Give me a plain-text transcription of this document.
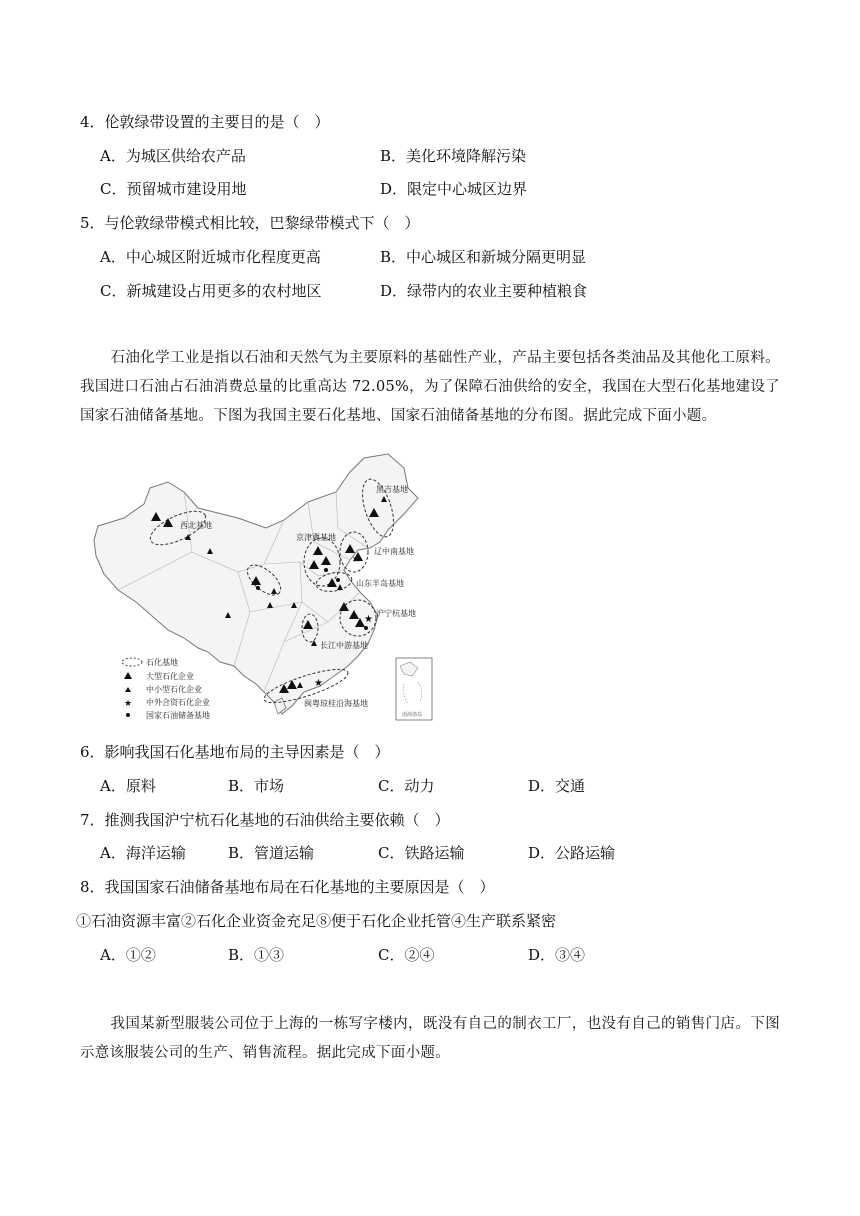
4．伦敦绿带设置的主要目的是（　）
A．为城区供给农产品	B．美化环境降解污染
C．预留城市建设用地	D．限定中心城区边界
5．与伦敦绿带模式相比较，巴黎绿带模式下（　）
A．中心城区附近城市化程度更高	B．中心城区和新城分隔更明显
C．新城建设占用更多的农村地区	D．绿带内的农业主要种植粮食
石油化学工业是指以石油和天然气为主要原料的基础性产业，产品主要包括各类油品及其他化工原料。我国进口石油占石油消费总量的比重高达 72.05%，为了保障石油供给的安全，我国在大型石化基地建设了国家石油储备基地。下图为我国主要石化基地、国家石油储备基地的分布图。据此完成下面小题。
★
★
★
黑吉基地
西北基地
京津冀基地
辽中南基地
山东半岛基地
沪宁杭基地
长江中游基地
闽粤琼桂沿海基地
石化基地
大型石化企业
中小型石化企业
★ 中外合资石化企业
国家石油储备基地	南海诸岛
6．影响我国石化基地布局的主导因素是（　）
A．原料	B．市场	C．动力	D．交通
7．推测我国沪宁杭石化基地的石油供给主要依赖（　）
A．海洋运输	B．管道运输	C．铁路运输	D．公路运输
8．我国国家石油储备基地布局在石化基地的主要原因是（　）
①石油资源丰富②石化企业资金充足⑧便于石化企业托管④生产联系紧密
A．①②	B．①③	C．②④	D．③④
我国某新型服装公司位于上海的一栋写字楼内，既没有自己的制衣工厂，也没有自己的销售门店。下图示意该服装公司的生产、销售流程。据此完成下面小题。
